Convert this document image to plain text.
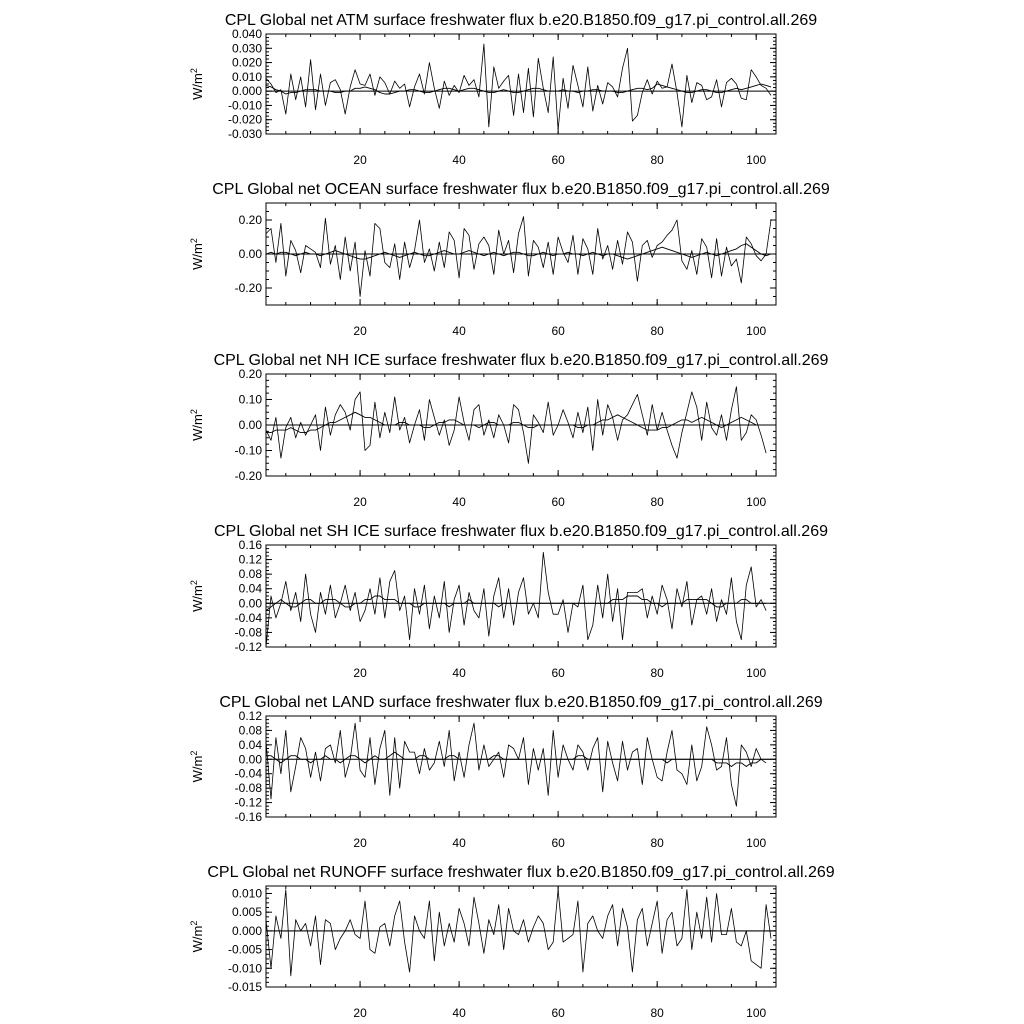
CPL Global net ATM surface freshwater flux b.e20.B1850.f09_g17.pi_control.all.269
-0.030
-0.020
-0.010
0.000
0.010
0.020
0.030
0.040
20	40	60	80	100
$W/m^2$
CPL Global net OCEAN surface freshwater flux b.e20.B1850.f09_g17.pi_control.all.269
-0.20
0.00
0.20
20	40	60	80	100
$W/m^2$
CPL Global net NH ICE surface freshwater flux b.e20.B1850.f09_g17.pi_control.all.269
-0.20
-0.10
0.00
0.10
0.20
20	40	60	80	100
$W/m^2$
CPL Global net SH ICE surface freshwater flux b.e20.B1850.f09_g17.pi_control.all.269
-0.12
-0.08
-0.04
0.00
0.04
0.08
0.12
0.16
20	40	60	80	100
$W/m^2$
CPL Global net LAND surface freshwater flux b.e20.B1850.f09_g17.pi_control.all.269
-0.16
-0.12
-0.08
-0.04
0.00
0.04
0.08
0.12
20	40	60	80	100
$W/m^2$
CPL Global net RUNOFF surface freshwater flux b.e20.B1850.f09_g17.pi_control.all.269
-0.015
-0.010
-0.005
0.000
0.005
0.010
20	40	60	80	100
$W/m^2$
